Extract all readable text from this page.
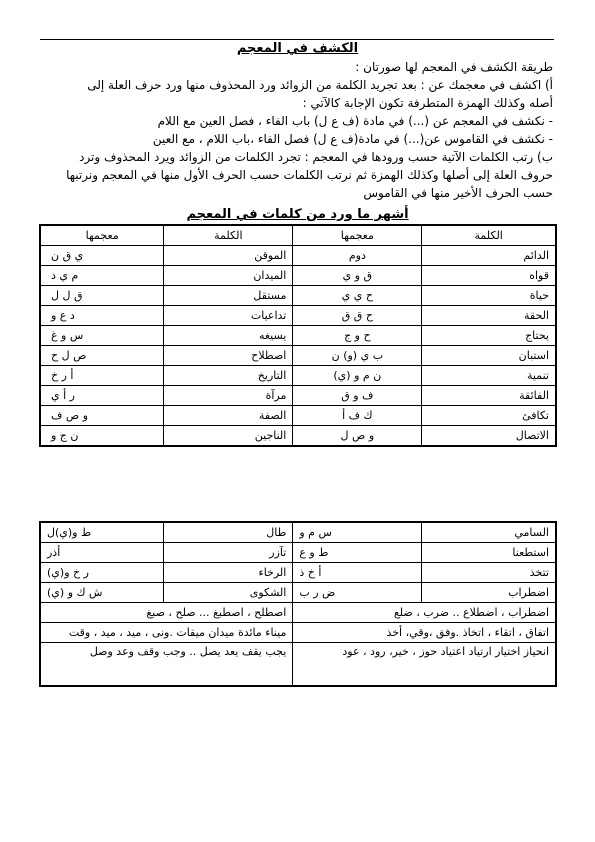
الكشف في المعجم
طريقة الكشف في المعجم لها صورتان :
أ) اكشف في معجمك عن : بعد تجريد الكلمة من الزوائد ورد المحذوف منها ورد حرف العلة إلى
أصله وكذلك الهمزة المتطرفة تكون الإجابة كالآتي :
- نكشف في المعجم عن (...) في مادة (ف ع ل) باب الفاء ، فصل العين مع اللام
- نكشف في القاموس عن(...) في مادة(ف ع ل) فصل الفاء ،باب اللام ، مع العين
ب) رتب الكلمات الآتية حسب ورودها في المعجم : تجرد الكلمات من الزوائد ويرد المحذوف وترد
حروف العلة إلى أصلها وكذلك الهمزة ثم نرتب الكلمات حسب الحرف الأول منها في المعجم ونرتبها
حسب الحرف الأخير منها في القاموس
أشهر ما ورد من كلمات في المعجم
الكلمة	معجمها	الكلمة	معجمها
الدائم	دوم	الموقن	ي ق ن
قواه	ق و ي	الميدان	م ي د
حياة	ح ي ي	مستقل	ق ل ل
الحقة	ح ق ق	تداعيات	د ع و
يحتاج	ح و ج	يسيغه	س و غ
استبان	ب ي (و) ن	اصطلاح	ص ل ح
تنمية	ن م و (ي)	التاريخ	أ ر خ
الفائقة	ف و ق	مرآة	ر أ ي
تكافئ	ك ف أ	الصفة	و ص ف
الاتصال	و ص ل	الناجين	ن ج و
السامي	س م و	طال	ط و(ي)ل
استطعنا	ط و ع	تآزر	أذر
تتخذ	أ خ ذ	الرخاء	ر خ و(ي)
اضطراب	ض ر ب	الشكوى	ش ك و (ي)
اضطراب ، اضطلاع .. ضرب ، ضلع		اصطلح ، اصطبغ ... صلح ، صبغ	
اتفاق ، اتقاء ، اتخاذ .وفق ،وقي، أخذ		ميناء مائدة ميدان ميقات .ونى ، ميد ، ميد ، وقت	
انحياز اختيار ارتياد اعتياد حوز ، خير، رود ، عود		يجب يقف يعد يصل .. وجب وقف وعد وصل	
